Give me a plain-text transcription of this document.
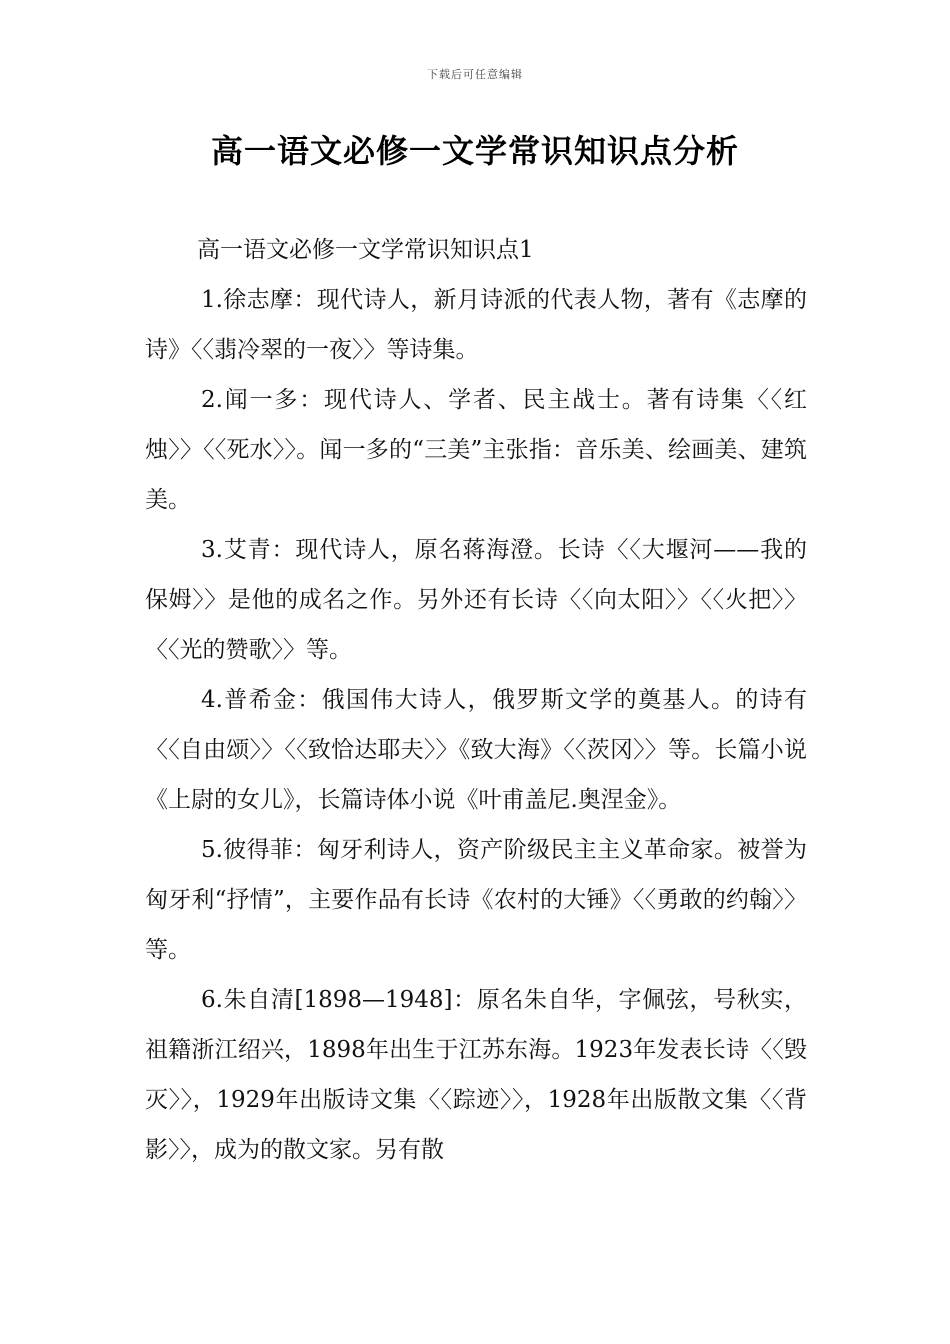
下载后可任意编辑
高一语文必修一文学常识知识点分析

高一语文必修一文学常识知识点1

1.徐志摩：现代诗人，新月诗派的代表人物，著有《志摩的诗》〈〈翡冷翠的一夜〉〉等诗集。

2.闻一多：现代诗人、学者、民主战士。著有诗集〈〈红烛〉〉〈〈死水〉〉。闻一多的“三美”主张指：音乐美、绘画美、建筑美。

3.艾青：现代诗人，原名蒋海澄。长诗〈〈大堰河——我的保姆〉〉是他的成名之作。另外还有长诗〈〈向太阳〉〉〈〈火把〉〉〈〈光的赞歌〉〉等。

4.普希金：俄国伟大诗人，俄罗斯文学的奠基人。的诗有〈〈自由颂〉〉〈〈致恰达耶夫〉〉《致大海》〈〈茨冈〉〉等。长篇小说《上尉的女儿》，长篇诗体小说《叶甫盖尼.奥涅金》。

5.彼得菲：匈牙利诗人，资产阶级民主主义革命家。被誉为匈牙利“抒情”，主要作品有长诗《农村的大锤》〈〈勇敢的约翰〉〉等。

6.朱自清[1898—1948]：原名朱自华，字佩弦，号秋实，祖籍浙江绍兴，1898年出生于江苏东海。1923年发表长诗〈〈毁灭〉〉，1929年出版诗文集〈〈踪迹〉〉，1928年出版散文集〈〈背影〉〉，成为的散文家。另有散
